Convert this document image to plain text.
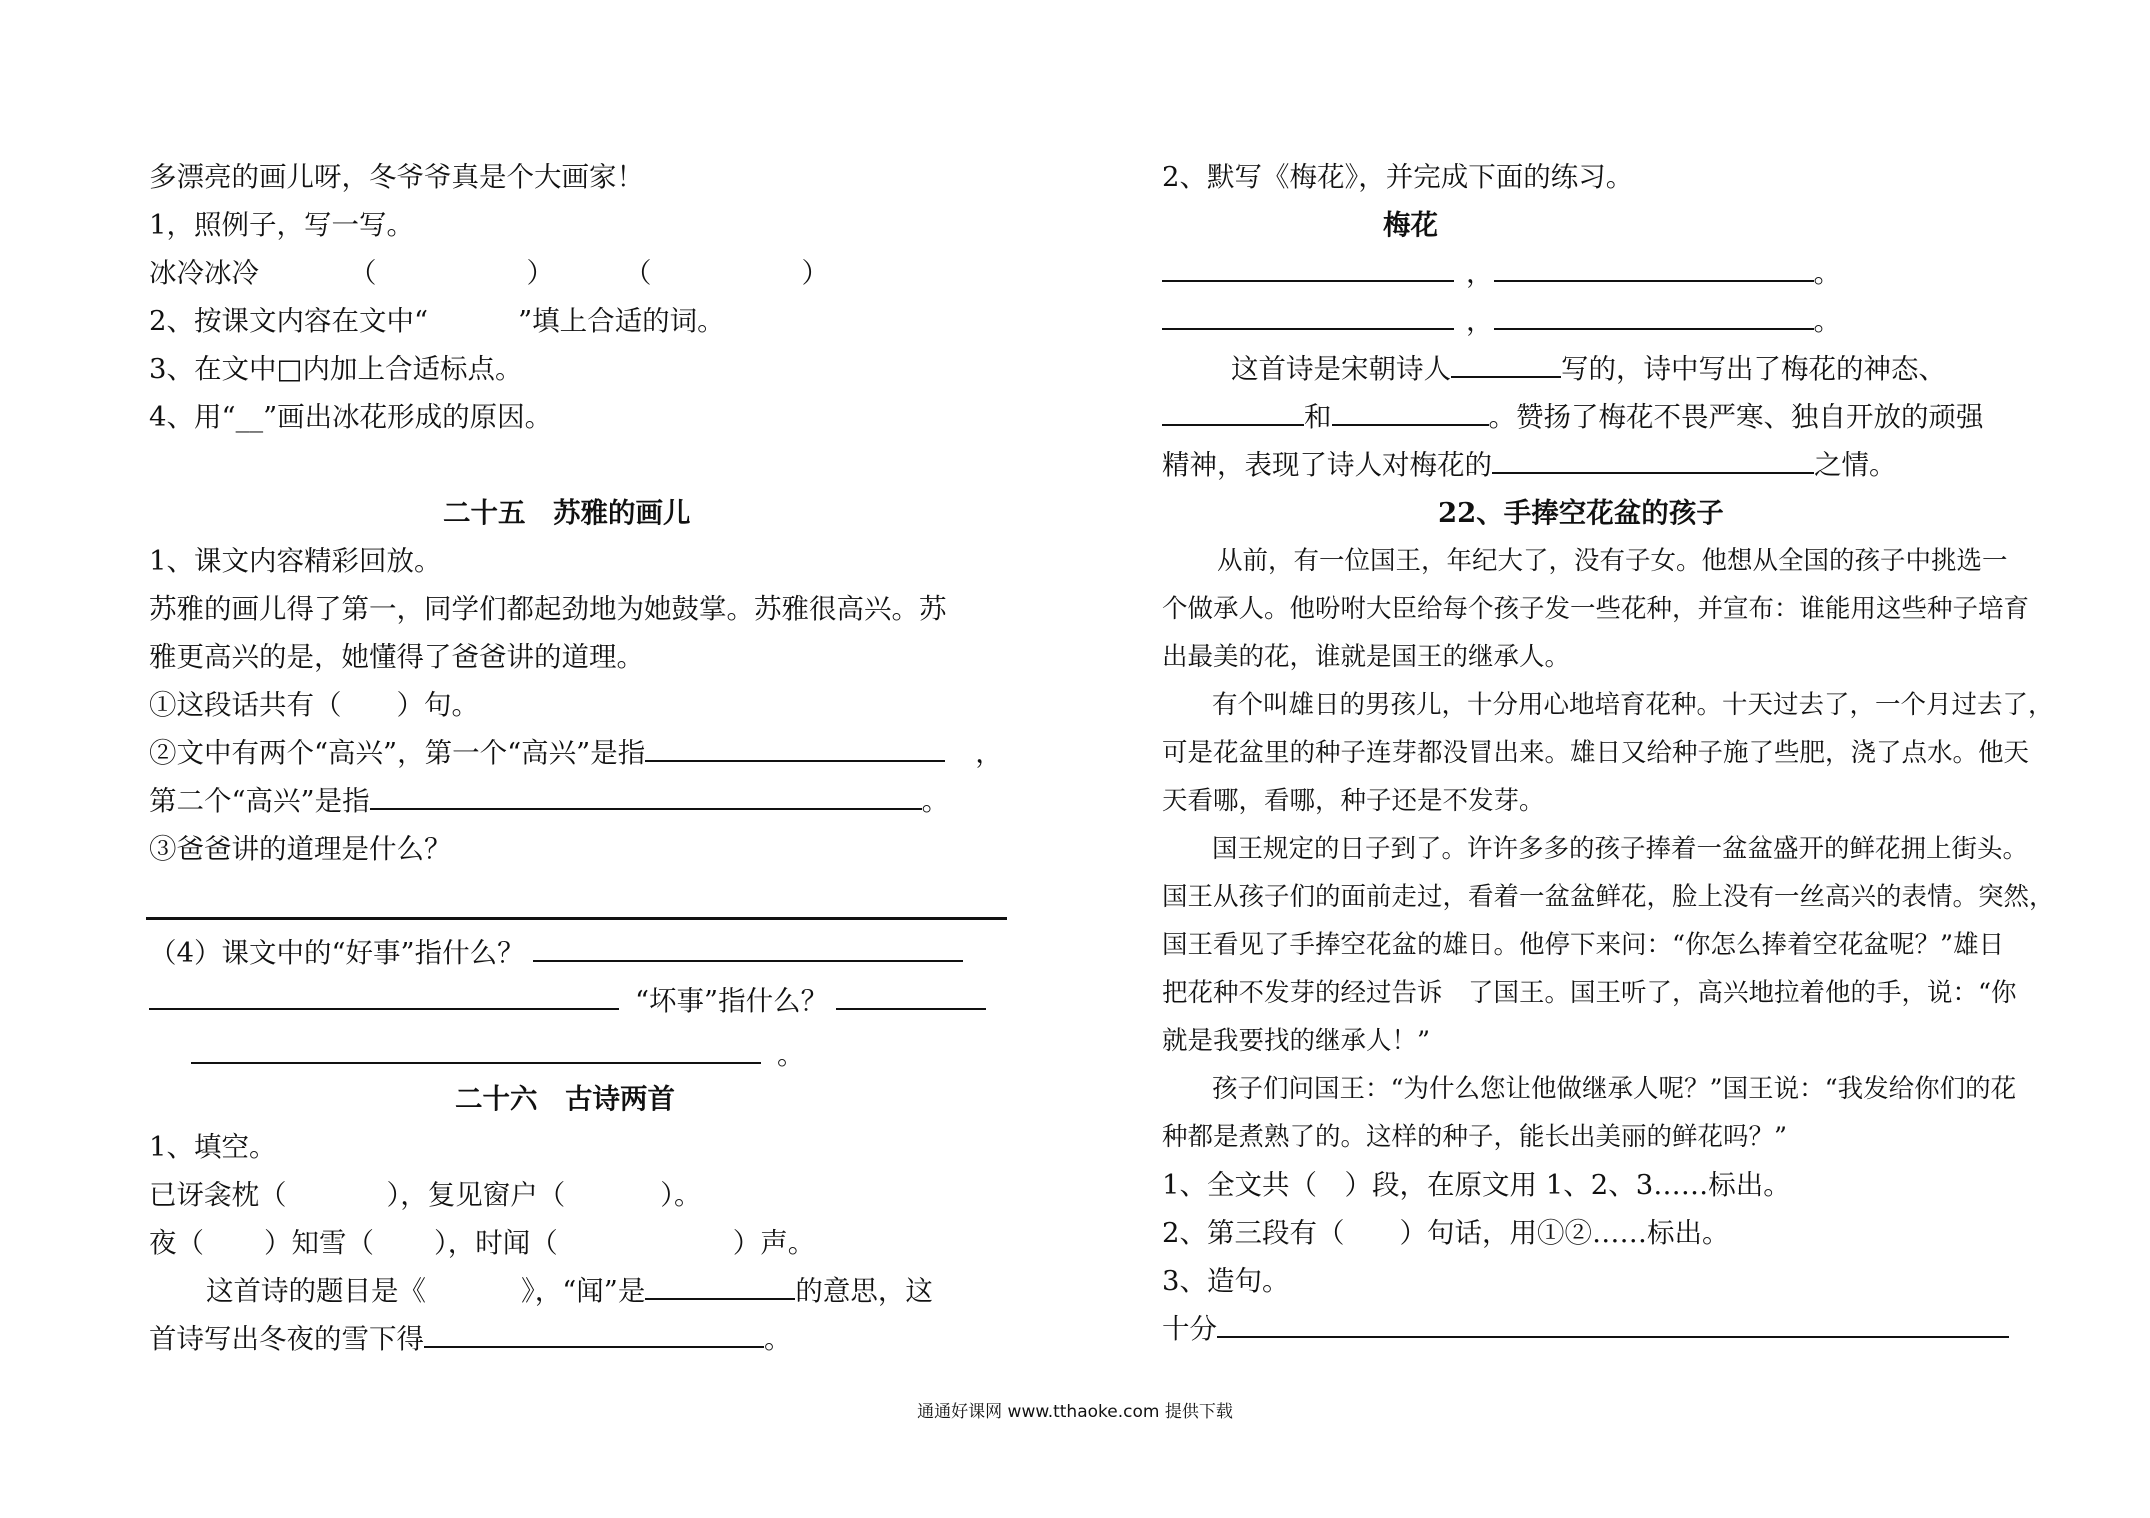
多漂亮的画儿呀，冬爷爷真是个大画家！
1，照例子，写一写。
冰冷冰冷	（	）	（	）
2、按课文内容在文中“	”填上合适的词。
3、在文中□内加上合适标点。
4、用“__”画出冰花形成的原因。
二十五　苏雅的画儿
1、课文内容精彩回放。
苏雅的画儿得了第一，同学们都起劲地为她鼓掌。苏雅很高兴。苏
雅更高兴的是，她懂得了爸爸讲的道理。
①这段话共有（　　）句。
②文中有两个“高兴”，第一个“高兴”是指	，
第二个“高兴”是指	。
③爸爸讲的道理是什么？
（4）课文中的“好事”指什么？
“坏事”指什么？
。
二十六　古诗两首
1、填空。
已讶衾枕（	），复见窗户（	）。
夜（ ）知雪（ ），时闻（	）声。
这首诗的题目是《	》，“闻”是	的意思，这
首诗写出冬夜的雪下得	。
2、默写《梅花》，并完成下面的练习。
梅花
，	。
，	。
这首诗是宋朝诗人	写的，诗中写出了梅花的神态、
和	。赞扬了梅花不畏严寒、独自开放的顽强
精神，表现了诗人对梅花的	之情。
22、手捧空花盆的孩子
从前，有一位国王，年纪大了，没有子女。他想从全国的孩子中挑选一
个做承人。他吩咐大臣给每个孩子发一些花种，并宣布：谁能用这些种子培育
出最美的花，谁就是国王的继承人。
有个叫雄日的男孩儿，十分用心地培育花种。十天过去了，一个月过去了，
可是花盆里的种子连芽都没冒出来。雄日又给种子施了些肥，浇了点水。他天
天看哪，看哪，种子还是不发芽。
国王规定的日子到了。许许多多的孩子捧着一盆盆盛开的鲜花拥上街头。
国王从孩子们的面前走过，看着一盆盆鲜花，脸上没有一丝高兴的表情。突然，
国王看见了手捧空花盆的雄日。他停下来问：“你怎么捧着空花盆呢？”雄日
把花种不发芽的经过告诉　了国王。国王听了，高兴地拉着他的手，说：“你
就是我要找的继承人！”
孩子们问国王：“为什么您让他做继承人呢？”国王说：“我发给你们的花
种都是煮熟了的。这样的种子，能长出美丽的鲜花吗？”
1、全文共（　）段，在原文用 1、2、3……标出。
2、第三段有（　　）句话，用①②……标出。
3、造句。
十分
通通好课网 www.tthaoke.com 提供下载
